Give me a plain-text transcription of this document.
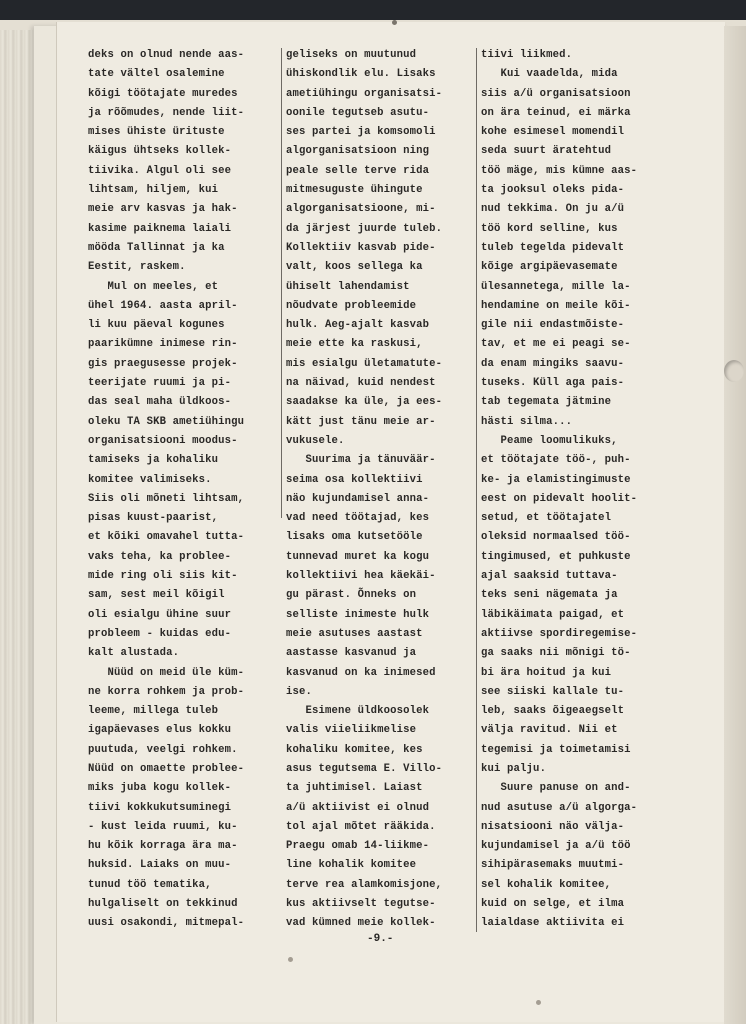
deks on olnud nende aas-
tate vältel osalemine
kõigi töötajate muredes
ja rõõmudes, nende liit-
mises ühiste ürituste
käigus ühtseks kollek-
tiivika. Algul oli see
lihtsam, hiljem, kui
meie arv kasvas ja hak-
kasime paiknema laiali
mööda Tallinnat ja ka
Eestit, raskem.
Mul on meeles, et
ühel 1964. aasta april-
li kuu päeval kogunes
paarikümne inimese rin-
gis praegusesse projek-
teerijate ruumi ja pi-
das seal maha üldkoos-
oleku TA SKB ametiühingu
organisatsiooni moodus-
tamiseks ja kohaliku
komitee valimiseks.
Siis oli mõneti lihtsam,
pisas kuust-paarist,
et kõiki omavahel tutta-
vaks teha, ka problee-
mide ring oli siis kit-
sam, sest meil kõigil
oli esialgu ühine suur
probleem - kuidas edu-
kalt alustada.
Nüüd on meid üle küm-
ne korra rohkem ja prob-
leeme, millega tuleb
igapäevases elus kokku
puutuda, veelgi rohkem.
Nüüd on omaette problee-
miks juba kogu kollek-
tiivi kokkukutsuminegi
- kust leida ruumi, ku-
hu kõik korraga ära ma-
huksid. Laiaks on muu-
tunud töö tematika,
hulgaliselt on tekkinud
uusi osakondi, mitmepal-
geliseks on muutunud
ühiskondlik elu. Lisaks
ametiühingu organisatsi-
oonile tegutseb asutu-
ses partei ja komsomoli
algorganisatsioon ning
peale selle terve rida
mitmesuguste ühingute
algorganisatsioone, mi-
da järjest juurde tuleb.
Kollektiiv kasvab pide-
valt, koos sellega ka
ühiselt lahendamist
nõudvate probleemide
hulk. Aeg-ajalt kasvab
meie ette ka raskusi,
mis esialgu ületamatute-
na näivad, kuid nendest
saadakse ka üle, ja ees-
kätt just tänu meie ar-
vukusele.
Suurima ja tänuväär-
seima osa kollektiivi
näo kujundamisel anna-
vad need töötajad, kes
lisaks oma kutsetööle
tunnevad muret ka kogu
kollektiivi hea käekäi-
gu pärast. Õnneks on
selliste inimeste hulk
meie asutuses aastast
aastasse kasvanud ja
kasvanud on ka inimesed
ise.
Esimene üldkoosolek
valis viieliikmelise
kohaliku komitee, kes
asus tegutsema E. Villo-
ta juhtimisel. Laiast
a/ü aktiivist ei olnud
tol ajal mõtet rääkida.
Praegu omab 14-liikme-
line kohalik komitee
terve rea alamkomisjone,
kus aktiivselt tegutse-
vad kümned meie kollek-
tiivi liikmed.
Kui vaadelda, mida
siis a/ü organisatsioon
on ära teinud, ei märka
kohe esimesel momendil
seda suurt äratehtud
töö mäge, mis kümne aas-
ta jooksul oleks pida-
nud tekkima. On ju a/ü
töö kord selline, kus
tuleb tegelda pidevalt
kõige argipäevasemate
ülesannetega, mille la-
hendamine on meile kõi-
gile nii endastmõiste-
tav, et me ei peagi se-
da enam mingiks saavu-
tuseks. Küll aga pais-
tab tegemata jätmine
hästi silma...
Peame loomulikuks,
et töötajate töö-, puh-
ke- ja elamistingimuste
eest on pidevalt hoolit-
setud, et töötajatel
oleksid normaalsed töö-
tingimused, et puhkuste
ajal saaksid tuttava-
teks seni nägemata ja
läbikäimata paigad, et
aktiivse spordiregemise-
ga saaks nii mõnigi tö-
bi ära hoitud ja kui
see siiski kallale tu-
leb, saaks õigeaegselt
välja ravitud. Nii et
tegemisi ja toimetamisi
kui palju.
Suure panuse on and-
nud asutuse a/ü algorga-
nisatsiooni näo välja-
kujundamisel ja a/ü töö
sihipärasemaks muutmi-
sel kohalik komitee,
kuid on selge, et ilma
laialdase aktiivita ei
-9.-
